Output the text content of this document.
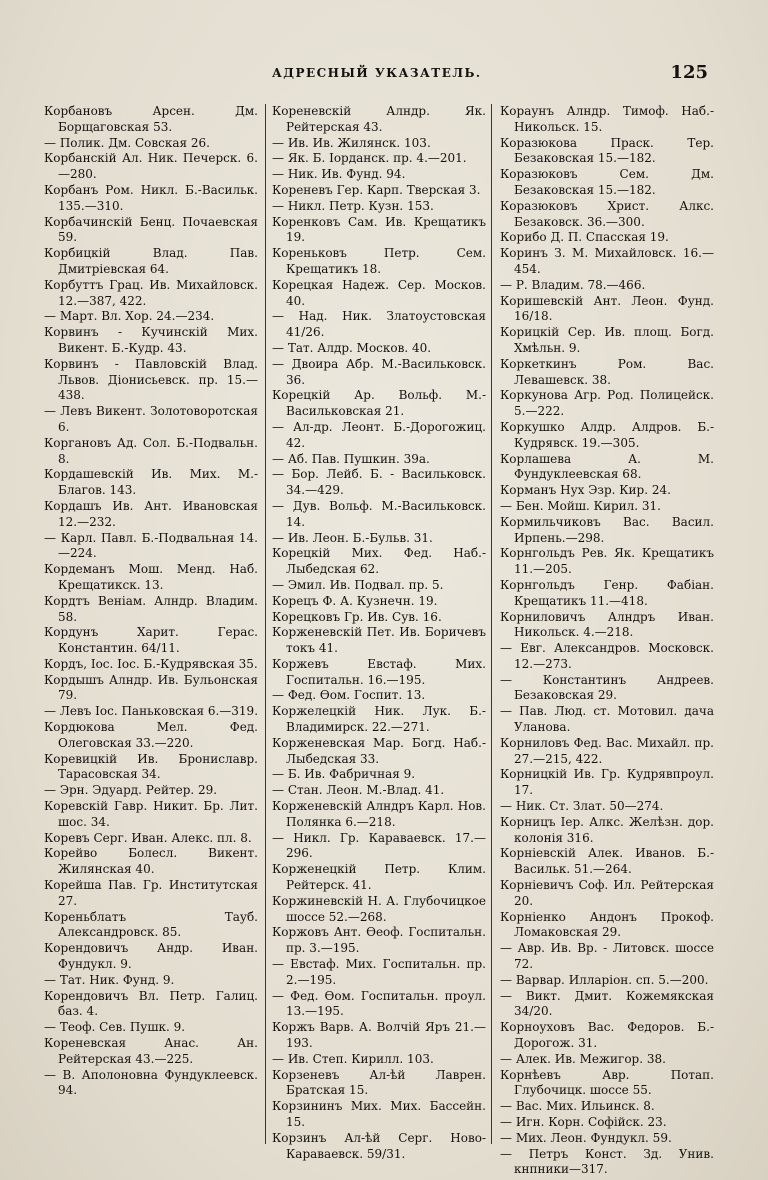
АДРЕСНЫЙ УКАЗАТЕЛЬ.	125
Корбановъ Арсен. Дм. Борщаговская 53.
— Полик. Дм. Совская 26.
Корбанскій Ал. Ник. Печерск. 6.—280.
Корбанъ Ром. Никл. Б.-Васильк. 135.—310.
Корбачинскій Бенц. Почаевская 59.
Корбицкій Влад. Пав. Дмитріевская 64.
Корбуттъ Грац. Ив. Михайловск. 12.—387, 422.
— Март. Вл. Хор. 24.—234.
Корвинъ - Кучинскій Мих. Викент. Б.-Кудр. 43.
Корвинъ - Павловскій Влад. Львов. Діонисьевск. пр. 15.—438.
— Левъ Викент. Золотоворотская 6.
Коргановъ Ад. Сол. Б.-Подвальн. 8.
Кордашевскій Ив. Мих. М.-Благов. 143.
Кордашъ Ив. Ант. Ивановская 12.—232.
— Карл. Павл. Б.-Подвальная 14.—224.
Кордеманъ Мош. Менд. Наб. Крещатикск. 13.
Кордтъ Веніам. Алндр. Владим. 58.
Кордунъ Харит. Герас. Константин. 64/11.
Кордъ, Іос. Іос. Б.-Кудрявская 35.
Кордышъ Алндр. Ив. Бульонская 79.
— Левъ Іос. Паньковская 6.—319.
Кордюкова Мел. Фед. Олеговская 33.—220.
Коревицкій Ив. Брониславр. Тарасовская 34.
— Эрн. Эдуард. Рейтер. 29.
Коревскій Гавр. Никит. Бр. Лит. шос. 34.
Коревъ Серг. Иван. Алекс. пл. 8.
Корейво Болесл. Викент. Жилянская 40.
Корейша Пав. Гр. Институтская 27.
Кореньблатъ Тауб. Александровск. 85.
Корендовичъ Андр. Иван. Фундукл. 9.
— Тат. Ник. Фунд. 9.
Корендовичъ Вл. Петр. Галиц. баз. 4.
— Теоф. Сев. Пушк. 9.
Кореневская Анас. Ан. Рейтерская 43.—225.
— В. Аполоновна Фундуклеевск. 94.
Кореневскій Алндр. Як. Рейтерская 43.
— Ив. Ив. Жилянск. 103.
— Як. Б. Іорданск. пр. 4.—201.
— Ник. Ив. Фунд. 94.
Кореневъ Гер. Карп. Тверская 3.
— Никл. Петр. Кузн. 153.
Коренковъ Сам. Ив. Крещатикъ 19.
Кореньковъ Петр. Сем. Крещатикъ 18.
Корецкая Надеж. Сер. Москов. 40.
— Над. Ник. Златоустовская 41/26.
— Тат. Алдр. Москов. 40.
— Двоира Абр. М.-Васильковск. 36.
Корецкій Ар. Вольф. М.-Васильковская 21.
— Ал-др. Леонт. Б.-Дорогожиц. 42.
— Аб. Пав. Пушкин. 39а.
— Бор. Лейб. Б. - Васильковск. 34.—429.
— Дув. Вольф. М.-Васильковск. 14.
— Ив. Леон. Б.-Бульв. 31.
Корецкій Мих. Фед. Наб.-Лыбедская 62.
— Эмил. Ив. Подвал. пр. 5.
Корецъ Ф. А. Кузнечн. 19.
Корецковъ Гр. Ив. Сув. 16.
Корженевскій Пет. Ив. Боричевъ токъ 41.
Коржевъ Евстаф. Мих. Госпитальн. 16.—195.
— Фед. Ѳом. Госпит. 13.
Коржелецкій Ник. Лук. Б.-Владимирск. 22.—271.
Корженевская Мар. Богд. Наб.-Лыбедская 33.
— Б. Ив. Фабричная 9.
— Стан. Леон. М.-Влад. 41.
Корженевскій Алндръ Карл. Нов. Полянка 6.—218.
— Никл. Гр. Караваевск. 17.—296.
Корженецкій Петр. Клим. Рейтерск. 41.
Коржиневскій Н. А. Глубочицкое шоссе 52.—268.
Коржовъ Ант. Ѳеоф. Госпитальн. пр. 3.—195.
— Евстаф. Мих. Госпитальн. пр. 2.—195.
— Фед. Ѳом. Госпитальн. проул. 13.—195.
Коржъ Варв. А. Волчій Яръ 21.—193.
— Ив. Степ. Кирилл. 103.
Корзеневъ Ал-ѣй Лаврен. Братская 15.
Корзининъ Мих. Мих. Бассейн. 15.
Корзинъ Ал-ѣй Серг. Ново-Караваевск. 59/31.
Кораунъ Алндр. Тимоф. Наб.-Никольск. 15.
Коразюкова Праск. Тер. Безаковская 15.—182.
Коразюковъ Сем. Дм. Безаковская 15.—182.
Коразюковъ Христ. Алкс. Безаковск. 36.—300.
Корибо Д. П. Спасская 19.
Коринъ З. М. Михайловск. 16.—454.
— Р. Владим. 78.—466.
Коришевскій Ант. Леон. Фунд. 16/18.
Корицкій Сер. Ив. площ. Богд. Хмѣльн. 9.
Коркеткинъ Ром. Вас. Левашевск. 38.
Коркунова Агр. Род. Полицейск. 5.—222.
Коркушко Алдр. Алдров. Б.-Кудрявск. 19.—305.
Корлашева А. М. Фундуклеевская 68.
Корманъ Нух Эзр. Кир. 24.
— Бен. Мойш. Кирил. 31.
Кормильчиковъ Вас. Васил. Ирпень.—298.
Корнгольдъ Рев. Як. Крещатикъ 11.—205.
Корнгольдъ Генр. Фабіан. Крещатикъ 11.—418.
Корниловичъ Алндръ Иван. Никольск. 4.—218.
— Евг. Александров. Московск. 12.—273.
— Константинъ Андреев. Безаковская 29.
— Пав. Люд. ст. Мотовил. дача Уланова.
Корниловъ Фед. Вас. Михайл. пр. 27.—215, 422.
Корницкій Ив. Гр. Кудрявпроул. 17.
— Ник. Ст. Злат. 50—274.
Корницъ Іер. Алкс. Желѣзн. дор. колонія 316.
Корніевскій Алек. Иванов. Б.-Васильк. 51.—264.
Корніевичъ Соф. Ил. Рейтерская 20.
Корніенко Андонъ Прокоф. Ломаковская 29.
— Авр. Ив. Вр. - Литовск. шоссе 72.
— Варвар. Илларіон. сп. 5.—200.
— Викт. Дмит. Кожемякская 34/20.
Корноуховъ Вас. Федоров. Б.-Дорогож. 31.
— Алек. Ив. Межигор. 38.
Корнѣевъ Авр. Потап. Глубочицк. шоссе 55.
— Вас. Мих. Ильинск. 8.
— Игн. Корн. Софійск. 23.
— Мих. Леон. Фундукл. 59.
— Петръ Конст. Зд. Унив. кнпники—317.
